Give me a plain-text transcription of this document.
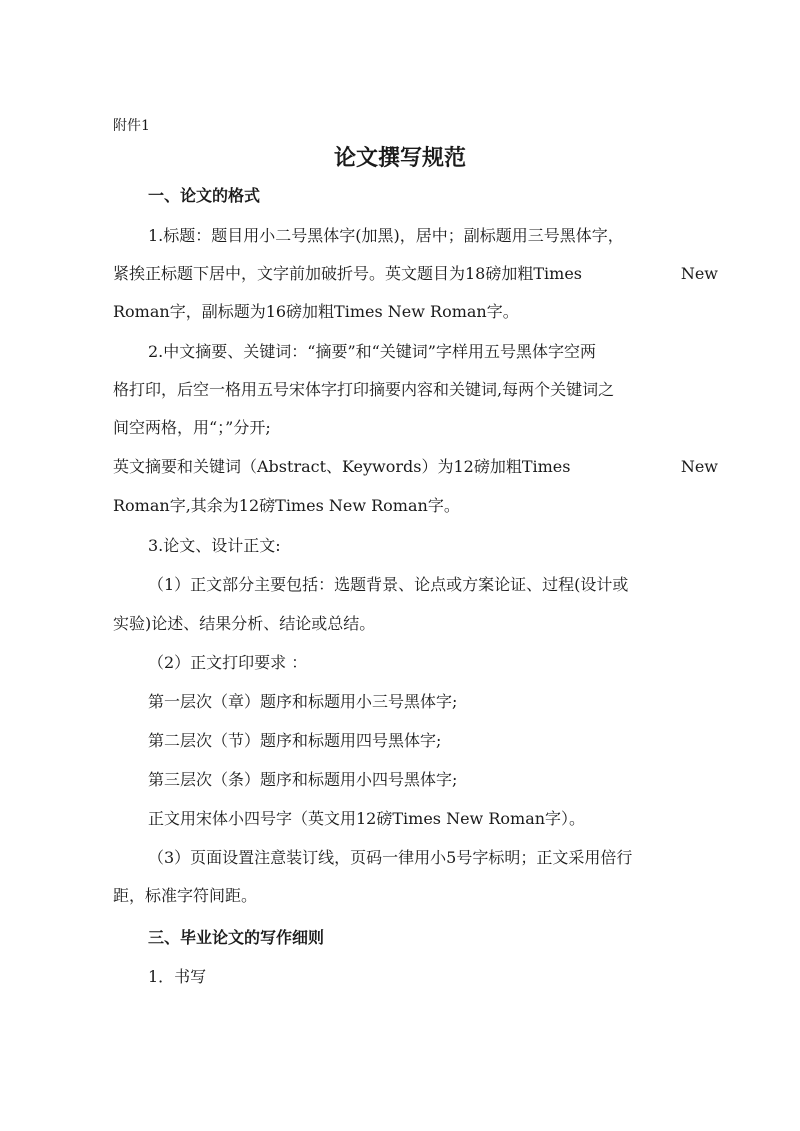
附件1
论文撰写规范
一、论文的格式
1.标题：题目用小二号黑体字(加黑)，居中；副标题用三号黑体字，
紧挨正标题下居中，文字前加破折号。英文题目为18磅加粗Times	New
Roman字，副标题为16磅加粗Times New Roman字。
2.中文摘要、关键词：“摘要”和“关键词”字样用五号黑体字空两
格打印，后空一格用五号宋体字打印摘要内容和关键词,每两个关键词之
间空两格，用“；”分开;
英文摘要和关键词（Abstract、Keywords）为12磅加粗Times	New
Roman字,其余为12磅Times New Roman字。
3.论文、设计正文:
（1）正文部分主要包括：选题背景、论点或方案论证、过程(设计或
实验)论述、结果分析、结论或总结。
（2）正文打印要求 ：
第一层次（章）题序和标题用小三号黑体字;
第二层次（节）题序和标题用四号黑体字;
第三层次（条）题序和标题用小四号黑体字;
正文用宋体小四号字（英文用12磅Times New Roman字）。
（3）页面设置注意装订线，页码一律用小5号字标明；正文采用倍行
距，标准字符间距。
三、毕业论文的写作细则
1．书写
